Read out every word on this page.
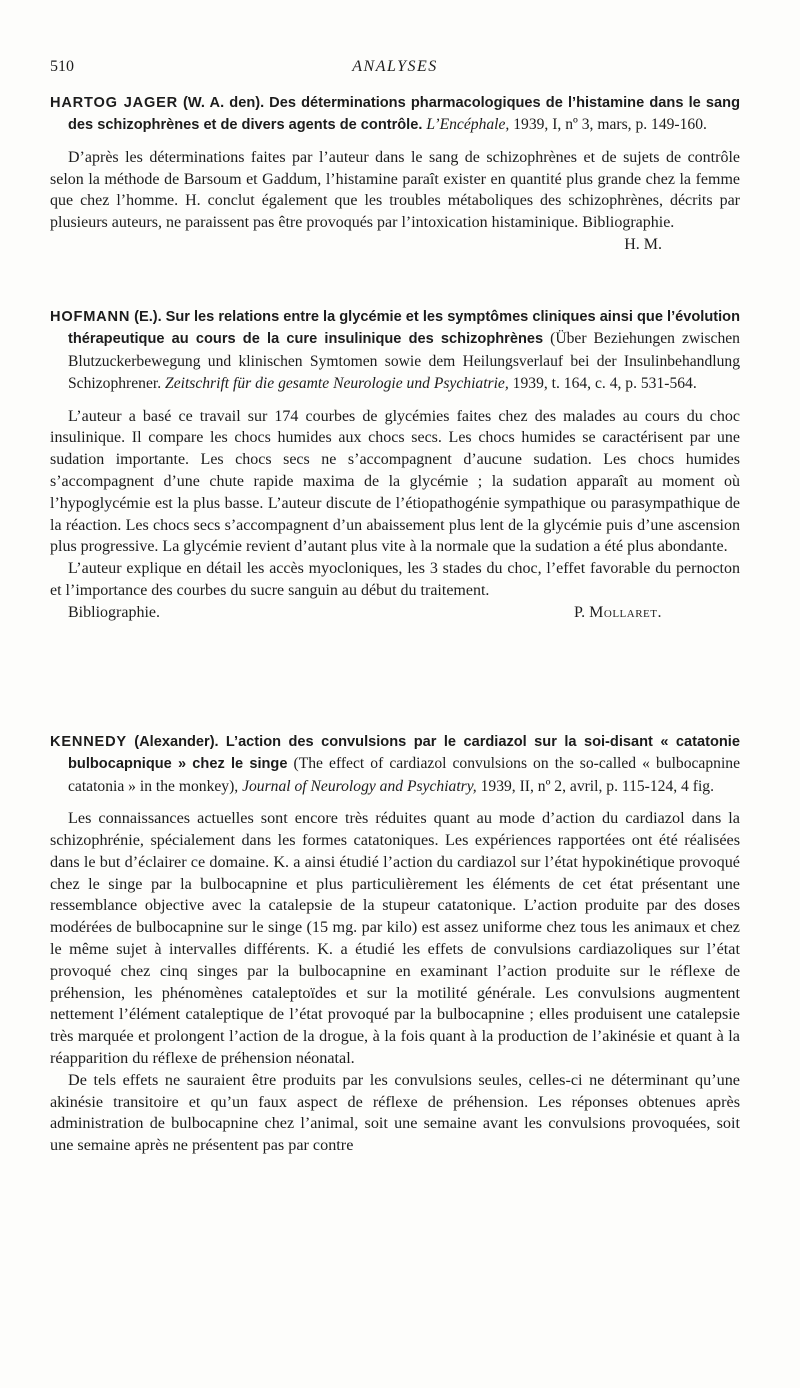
510	ANALYSES
HARTOG JAGER (W. A. den). Des déterminations pharmacologiques de l’histamine dans le sang des schizophrènes et de divers agents de contrôle. L’Encéphale, 1939, I, nº 3, mars, p. 149-160.

D’après les déterminations faites par l’auteur dans le sang de schizophrènes et de sujets de contrôle selon la méthode de Barsoum et Gaddum, l’histamine paraît exister en quantité plus grande chez la femme que chez l’homme. H. conclut également que les troubles métaboliques des schizophrènes, décrits par plusieurs auteurs, ne paraissent pas être provoqués par l’intoxication histaminique. Bibliographie.

H. M.
HOFMANN (E.). Sur les relations entre la glycémie et les symptômes cliniques ainsi que l’évolution thérapeutique au cours de la cure insulinique des schizophrènes (Über Beziehungen zwischen Blutzuckerbewegung und klinischen Symtomen sowie dem Heilungsverlauf bei der Insulinbehandlung Schizophrener. Zeitschrift für die gesamte Neurologie und Psychiatrie, 1939, t. 164, c. 4, p. 531-564.

L’auteur a basé ce travail sur 174 courbes de glycémies faites chez des malades au cours du choc insulinique. Il compare les chocs humides aux chocs secs. Les chocs humides se caractérisent par une sudation importante. Les chocs secs ne s’accompagnent d’aucune sudation. Les chocs humides s’accompagnent d’une chute rapide maxima de la glycémie ; la sudation apparaît au moment où l’hypoglycémie est la plus basse. L’auteur discute de l’étiopathogénie sympathique ou parasympathique de la réaction. Les chocs secs s’accompagnent d’un abaissement plus lent de la glycémie puis d’une ascension plus progressive. La glycémie revient d’autant plus vite à la normale que la sudation a été plus abondante.

L’auteur explique en détail les accès myocloniques, les 3 stades du choc, l’effet favorable du pernocton et l’importance des courbes du sucre sanguin au début du traitement.

Bibliographie.	P. Mollaret.
KENNEDY (Alexander). L’action des convulsions par le cardiazol sur la soi-disant « catatonie bulbocapnique » chez le singe (The effect of cardiazol convulsions on the so-called « bulbocapnine catatonia » in the monkey), Journal of Neurology and Psychiatry, 1939, II, nº 2, avril, p. 115-124, 4 fig.

Les connaissances actuelles sont encore très réduites quant au mode d’action du cardiazol dans la schizophrénie, spécialement dans les formes catatoniques. Les expériences rapportées ont été réalisées dans le but d’éclairer ce domaine. K. a ainsi étudié l’action du cardiazol sur l’état hypokinétique provoqué chez le singe par la bulbocapnine et plus particulièrement les éléments de cet état présentant une ressemblance objective avec la catalepsie de la stupeur catatonique. L’action produite par des doses modérées de bulbocapnine sur le singe (15 mg. par kilo) est assez uniforme chez tous les animaux et chez le même sujet à intervalles différents. K. a étudié les effets de convulsions cardiazoliques sur l’état provoqué chez cinq singes par la bulbocapnine en examinant l’action produite sur le réflexe de préhension, les phénomènes cataleptoïdes et sur la motilité générale. Les convulsions augmentent nettement l’élément cataleptique de l’état provoqué par la bulbocapnine ; elles produisent une catalepsie très marquée et prolongent l’action de la drogue, à la fois quant à la production de l’akinésie et quant à la réapparition du réflexe de préhension néonatal.

De tels effets ne sauraient être produits par les convulsions seules, celles-ci ne déterminant qu’une akinésie transitoire et qu’un faux aspect de réflexe de préhension. Les réponses obtenues après administration de bulbocapnine chez l’animal, soit une semaine avant les convulsions provoquées, soit une semaine après ne présentent pas par contre
